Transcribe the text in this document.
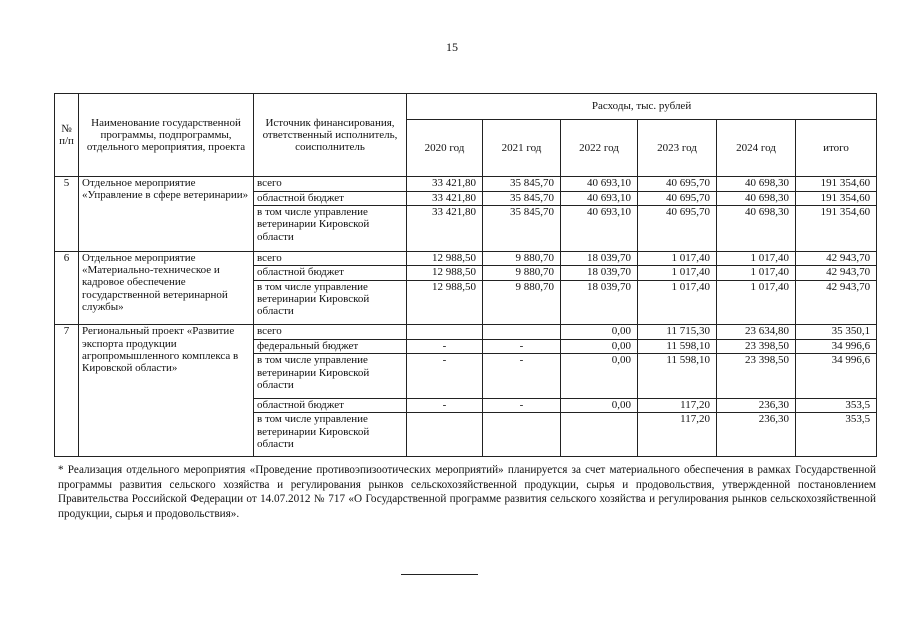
15
№ п/п	Наименование государственной программы, подпрограммы, отдельного мероприятия, проекта	Источник финансирования, ответственный исполнитель, соисполнитель	Расходы, тыс. рублей					
			2020 год	2021 год	2022 год	2023 год	2024 год	итого
5	Отдельное мероприятие «Управление в сфере ветеринарии»	всего	33 421,80	35 845,70	40 693,10	40 695,70	40 698,30	191 354,60
		областной бюджет	33 421,80	35 845,70	40 693,10	40 695,70	40 698,30	191 354,60
		в том числе управление ветеринарии Кировской области	33 421,80	35 845,70	40 693,10	40 695,70	40 698,30	191 354,60
6	Отдельное мероприятие «Материально-техническое и кадровое обеспечение государственной ветеринарной службы»	всего	12 988,50	9 880,70	18 039,70	1 017,40	1 017,40	42 943,70
		областной бюджет	12 988,50	9 880,70	18 039,70	1 017,40	1 017,40	42 943,70
		в том числе управление ветеринарии Кировской области	12 988,50	9 880,70	18 039,70	1 017,40	1 017,40	42 943,70
7	Региональный проект «Развитие экспорта продукции агропромышленного комплекса в Кировской области»	всего			0,00	11 715,30	23 634,80	35 350,1
		федеральный бюджет	-	-	0,00	11 598,10	23 398,50	34 996,6
		в том числе управление ветеринарии Кировской области	-	-	0,00	11 598,10	23 398,50	34 996,6
		областной бюджет	-	-	0,00	117,20	236,30	353,5
		в том числе управление ветеринарии Кировской области				117,20	236,30	353,5
* Реализация отдельного мероприятия «Проведение противоэпизоотических мероприятий» планируется за счет материального обеспечения в рамках Государственной программы развития сельского хозяйства и регулирования рынков сельскохозяйственной продукции, сырья и продовольствия, утвержденной постановлением Правительства Российской Федерации от 14.07.2012 № 717 «О Государственной программе развития сельского хозяйства и регулирования рынков сельскохозяйственной продукции, сырья и продовольствия».
